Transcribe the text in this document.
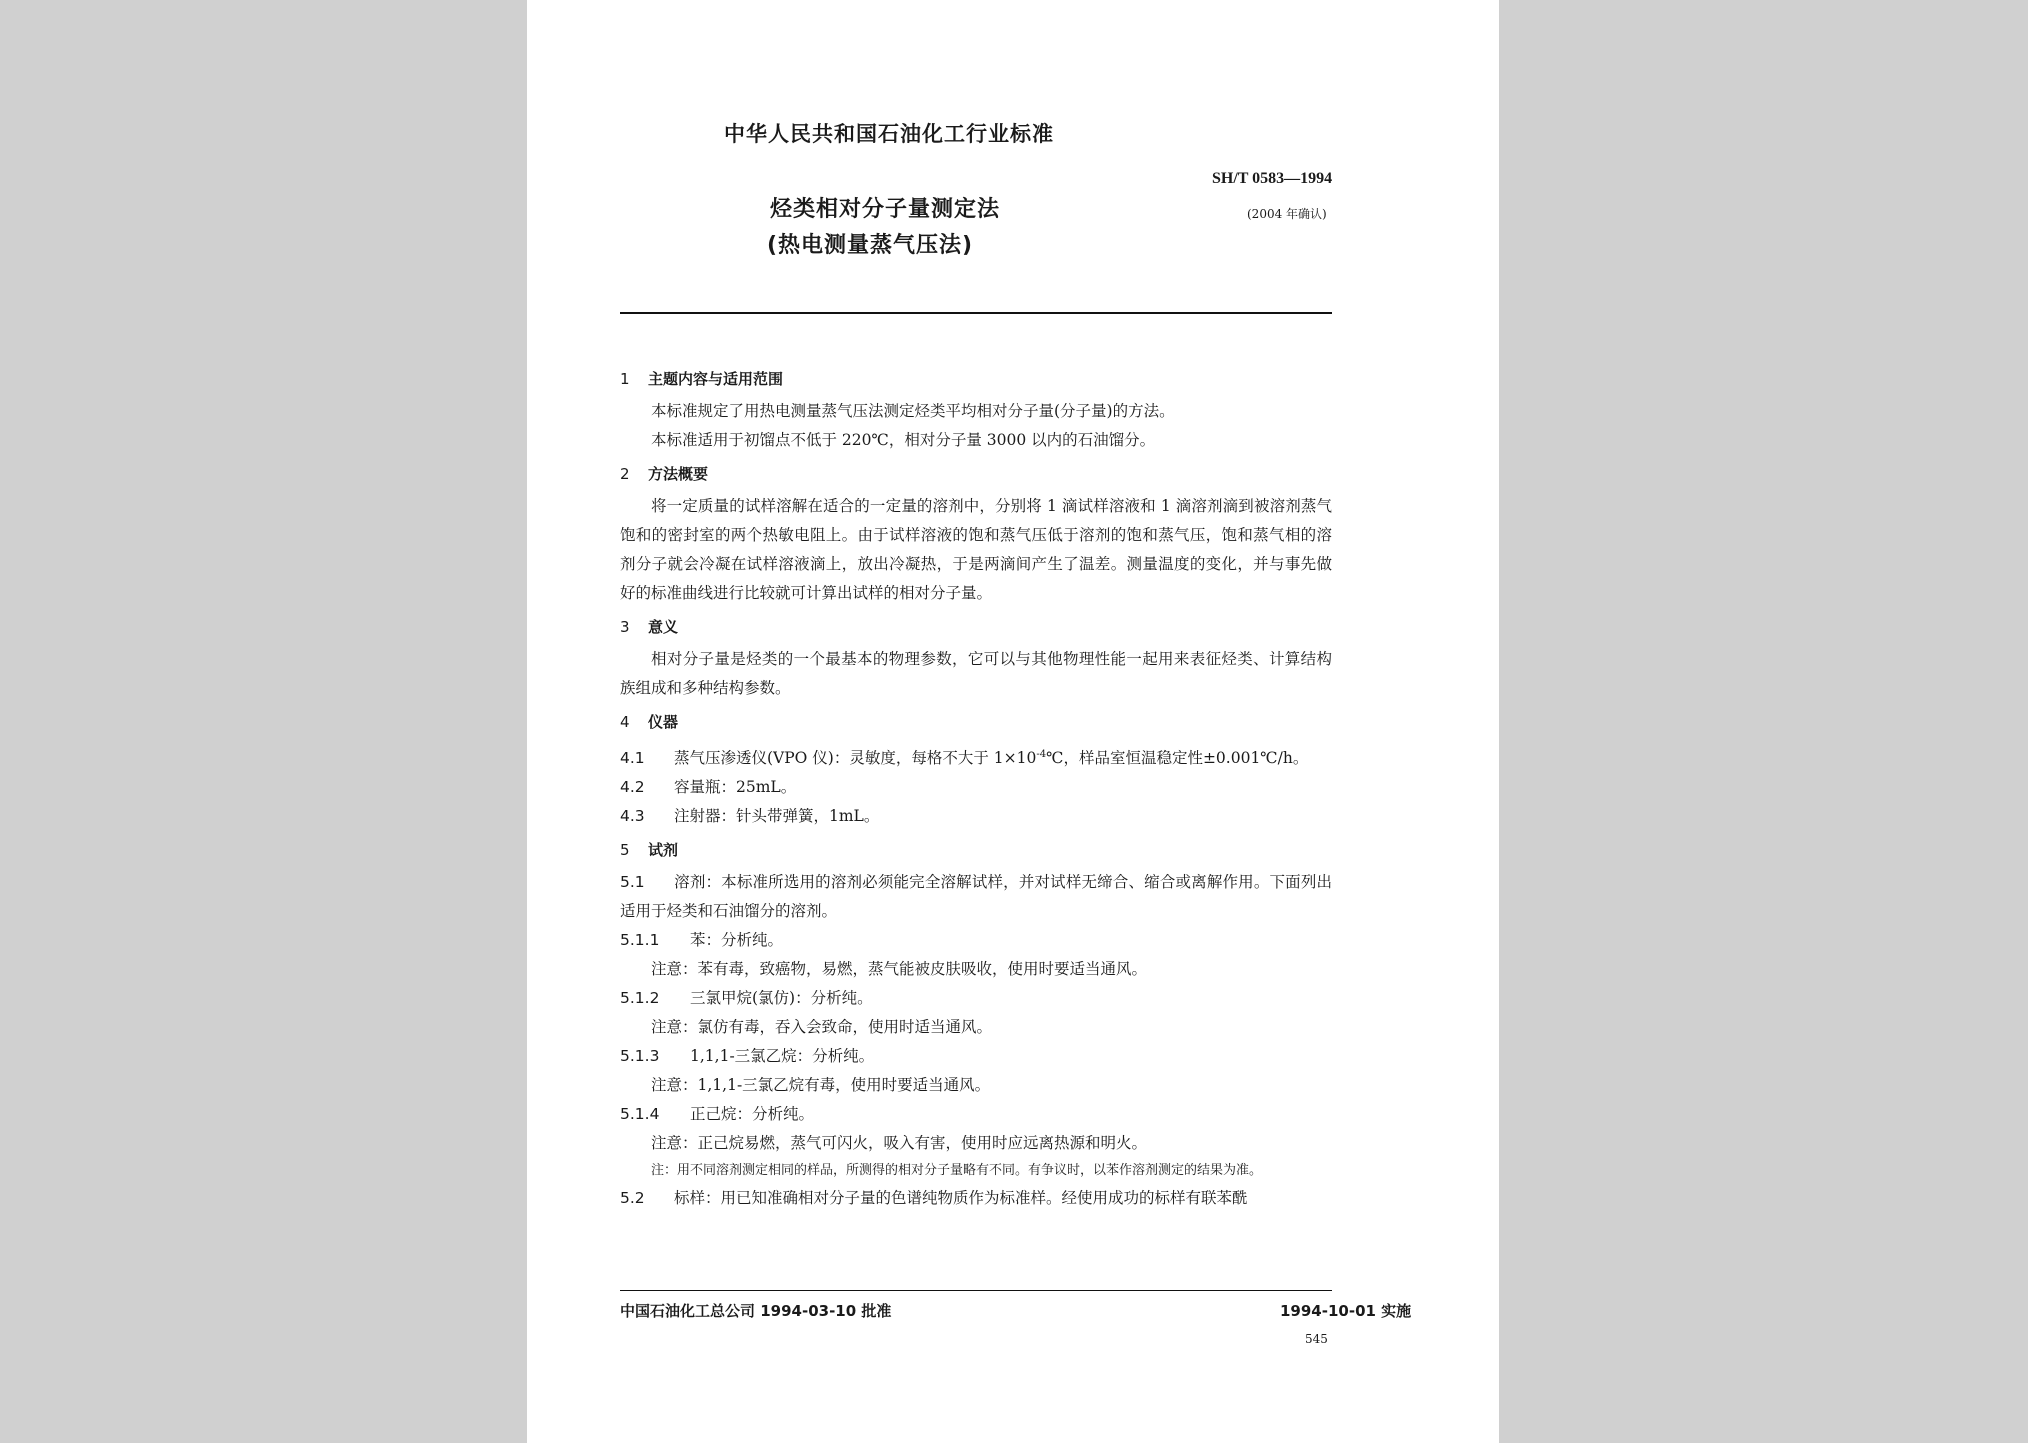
中华人民共和国石油化工行业标准
SH/T 0583—1994
(2004 年确认)
烃类相对分子量测定法
(热电测量蒸气压法)

1 主题内容与适用范围

本标准规定了用热电测量蒸气压法测定烃类平均相对分子量(分子量)的方法。

本标准适用于初馏点不低于 220℃，相对分子量 3000 以内的石油馏分。

2 方法概要

将一定质量的试样溶解在适合的一定量的溶剂中，分别将 1 滴试样溶液和 1 滴溶剂滴到被溶剂蒸气饱和的密封室的两个热敏电阻上。由于试样溶液的饱和蒸气压低于溶剂的饱和蒸气压，饱和蒸气相的溶剂分子就会冷凝在试样溶液滴上，放出冷凝热，于是两滴间产生了温差。测量温度的变化，并与事先做好的标准曲线进行比较就可计算出试样的相对分子量。

3 意义

相对分子量是烃类的一个最基本的物理参数，它可以与其他物理性能一起用来表征烃类、计算结构族组成和多种结构参数。

4 仪器

4.1 蒸气压渗透仪(VPO 仪)：灵敏度，每格不大于 $1\times 10^{-4}℃$，样品室恒温稳定性±0.001℃/h。

4.2 容量瓶：25mL。

4.3 注射器：针头带弹簧，1mL。

5 试剂

5.1 溶剂：本标准所选用的溶剂必须能完全溶解试样，并对试样无缔合、缩合或离解作用。下面列出适用于烃类和石油馏分的溶剂。

5.1.1 苯：分析纯。

注意：苯有毒，致癌物，易燃，蒸气能被皮肤吸收，使用时要适当通风。

5.1.2 三氯甲烷(氯仿)：分析纯。

注意：氯仿有毒，吞入会致命，使用时适当通风。

5.1.3 1,1,1-三氯乙烷：分析纯。

注意：1,1,1-三氯乙烷有毒，使用时要适当通风。

5.1.4 正己烷：分析纯。

注意：正己烷易燃，蒸气可闪火，吸入有害，使用时应远离热源和明火。

注：用不同溶剂测定相同的样品，所测得的相对分子量略有不同。有争议时，以苯作溶剂测定的结果为准。

5.2 标样：用已知准确相对分子量的色谱纯物质作为标准样。经使用成功的标样有联苯酰

中国石油化工总公司 1994-03-10 批准	1994-10-01 实施
545
